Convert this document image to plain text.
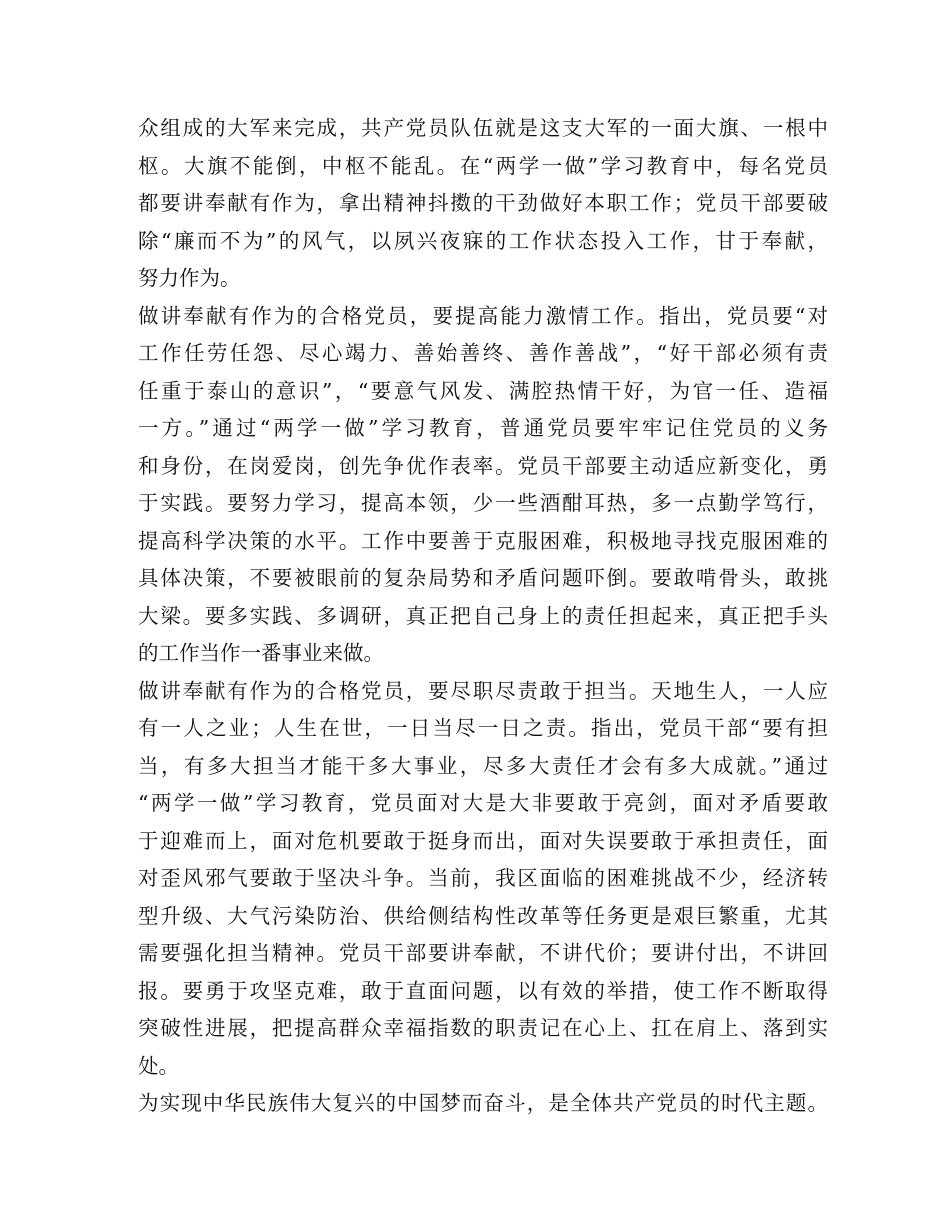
众组成的大军来完成，共产党员队伍就是这支大军的一面大旗、一根中
枢。大旗不能倒，中枢不能乱。在“两学一做”学习教育中，每名党员
都要讲奉献有作为，拿出精神抖擞的干劲做好本职工作；党员干部要破
除“廉而不为”的风气，以夙兴夜寐的工作状态投入工作，甘于奉献，
努力作为。
做讲奉献有作为的合格党员，要提高能力激情工作。指出，党员要“对
工作任劳任怨、尽心竭力、善始善终、善作善战”，“好干部必须有责
任重于泰山的意识”，“要意气风发、满腔热情干好，为官一任、造福
一方。”通过“两学一做”学习教育，普通党员要牢牢记住党员的义务
和身份，在岗爱岗，创先争优作表率。党员干部要主动适应新变化，勇
于实践。要努力学习，提高本领，少一些酒酣耳热，多一点勤学笃行，
提高科学决策的水平。工作中要善于克服困难，积极地寻找克服困难的
具体决策，不要被眼前的复杂局势和矛盾问题吓倒。要敢啃骨头，敢挑
大梁。要多实践、多调研，真正把自己身上的责任担起来，真正把手头
的工作当作一番事业来做。
做讲奉献有作为的合格党员，要尽职尽责敢于担当。天地生人，一人应
有一人之业；人生在世，一日当尽一日之责。指出，党员干部“要有担
当，有多大担当才能干多大事业，尽多大责任才会有多大成就。”通过
“两学一做”学习教育，党员面对大是大非要敢于亮剑，面对矛盾要敢
于迎难而上，面对危机要敢于挺身而出，面对失误要敢于承担责任，面
对歪风邪气要敢于坚决斗争。当前，我区面临的困难挑战不少，经济转
型升级、大气污染防治、供给侧结构性改革等任务更是艰巨繁重，尤其
需要强化担当精神。党员干部要讲奉献，不讲代价；要讲付出，不讲回
报。要勇于攻坚克难，敢于直面问题，以有效的举措，使工作不断取得
突破性进展，把提高群众幸福指数的职责记在心上、扛在肩上、落到实
处。
为实现中华民族伟大复兴的中国梦而奋斗，是全体共产党员的时代主题。
